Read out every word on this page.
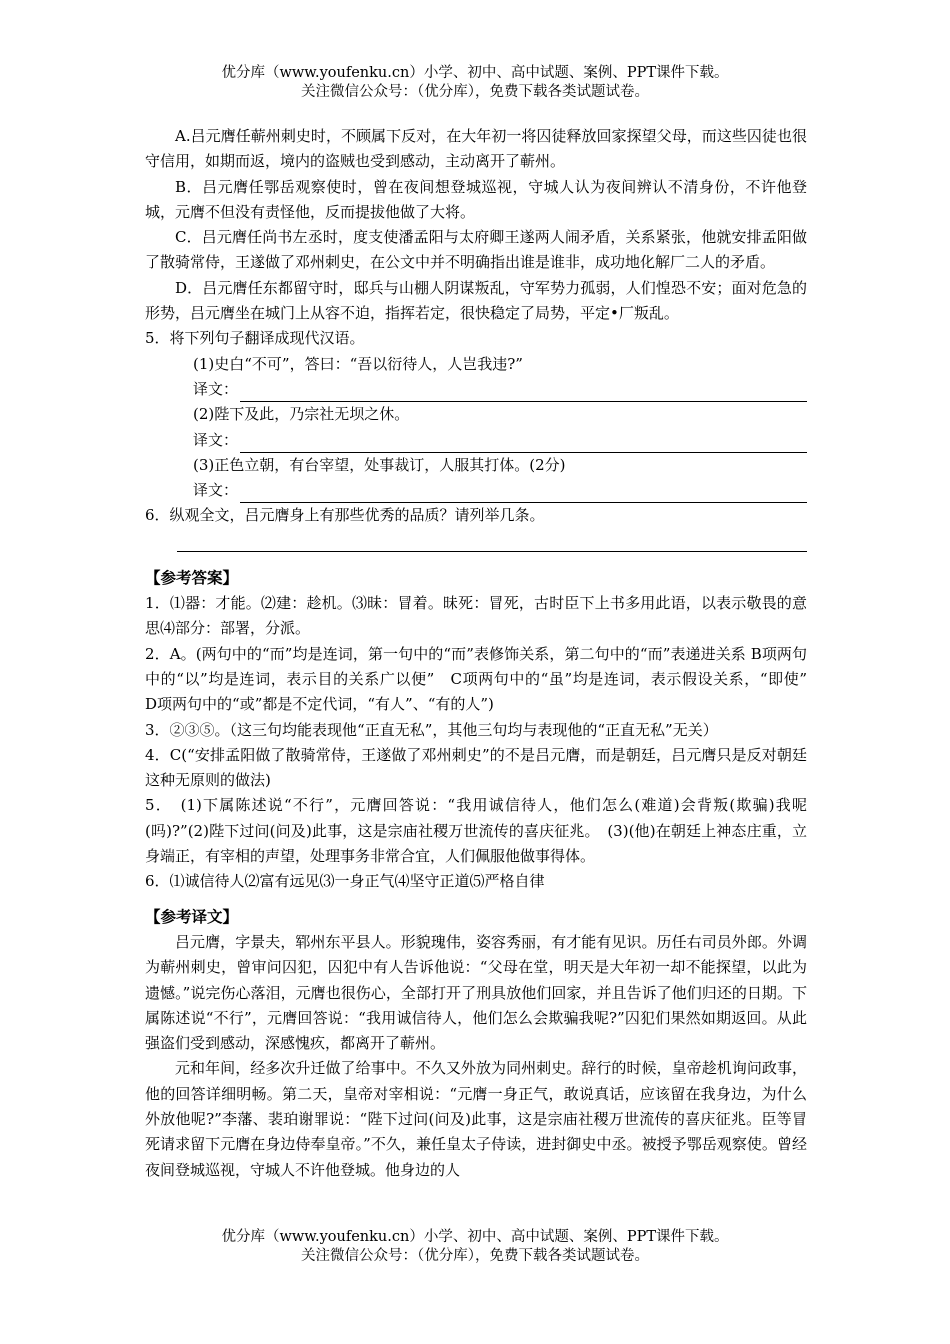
优分库（www.youfenku.cn）小学、初中、高中试题、案例、PPT课件下载。
关注微信公众号：（优分库），免费下载各类试题试卷。

A.吕元膺任蕲州刺史时，不顾属下反对，在大年初一将囚徒释放回家探望父母，而这些囚徒也很守信用，如期而返，境内的盗贼也受到感动，主动离开了蕲州。

B．吕元膺任鄂岳观察使时，曾在夜间想登城巡视，守城人认为夜间辨认不清身份，不许他登城，元膺不但没有责怪他，反而提拔他做了大将。

C．吕元膺任尚书左丞时，度支使潘孟阳与太府卿王遂两人闹矛盾，关系紧张，他就安排孟阳做了散骑常侍，王遂做了邓州刺史，在公文中并不明确指出谁是谁非，成功地化解厂二人的矛盾。

D．吕元膺任东都留守时，邸兵与山棚人阴谋叛乱，守军势力孤弱，人们惶恐不安；面对危急的形势，吕元膺坐在城门上从容不迫，指挥若定，很快稳定了局势，平定•厂叛乱。

5．将下列句子翻译成现代汉语。

(1)史白“不可”，答曰：“吾以衍待人，人岂我违?”

译文：

(2)陛下及此，乃宗社无坝之休。

译文：

(3)正色立朝，有台宰望，处事裁订，人服其打体。(2分)

译文：

6．纵观全文，吕元膺身上有那些优秀的品质？请列举几条。

【参考答案】

1．⑴器：才能。⑵建：趁机。⑶昧：冒着。昧死：冒死，古时臣下上书多用此语，以表示敬畏的意思⑷部分：部署，分派。

2．A。(两句中的“而”均是连词，第一句中的“而”表修饰关系，第二句中的“而”表递进关系 B项两句中的“以”均是连词，表示目的关系广以便”　C项两句中的“虽”均是连词，表示假设关系，“即使”　D项两句中的“或”都是不定代词，“有人”、“有的人”)

3．②③⑤。（这三句均能表现他“正直无私”，其他三句均与表现他的“正直无私”无关）

4．C(“安排孟阳做了散骑常侍，王遂做了邓州刺史”的不是吕元膺，而是朝廷，吕元膺只是反对朝廷这种无原则的做法)

5．　(1)下属陈述说“不行”，元膺回答说：“我用诚信待人，他们怎么(难道)会背叛(欺骗)我呢(吗)?”(2)陛下过问(问及)此事，这是宗庙社稷万世流传的喜庆征兆。　(3)(他)在朝廷上神态庄重，立身端正，有宰相的声望，处理事务非常合宜，人们佩服他做事得体。

6．⑴诚信待人⑵富有远见⑶一身正气⑷坚守正道⑸严格自律

【参考译文】

吕元膺，字景夫，郓州东平县人。形貌瑰伟，姿容秀丽，有才能有见识。历任右司员外郎。外调为蕲州刺史，曾审问囚犯，囚犯中有人告诉他说：“父母在堂，明天是大年初一却不能探望，以此为遗憾。”说完伤心落泪，元膺也很伤心，全部打开了刑具放他们回家，并且告诉了他们归还的日期。下属陈述说“不行”，元膺回答说：“我用诚信待人，他们怎么会欺骗我呢?”囚犯们果然如期返回。从此强盗们受到感动，深感愧疚，都离开了蕲州。

元和年间，经多次升迁做了给事中。不久又外放为同州刺史。辞行的时候，皇帝趁机询问政事，他的回答详细明畅。第二天，皇帝对宰相说：“元膺一身正气，敢说真话，应该留在我身边，为什么外放他呢?”李藩、裴珀谢罪说：“陛下过问(问及)此事，这是宗庙社稷万世流传的喜庆征兆。臣等冒死请求留下元膺在身边侍奉皇帝。”不久，兼任皇太子侍读，进封御史中丞。被授予鄂岳观察使。曾经夜间登城巡视，守城人不许他登城。他身边的人

优分库（www.youfenku.cn）小学、初中、高中试题、案例、PPT课件下载。
关注微信公众号：（优分库），免费下载各类试题试卷。
